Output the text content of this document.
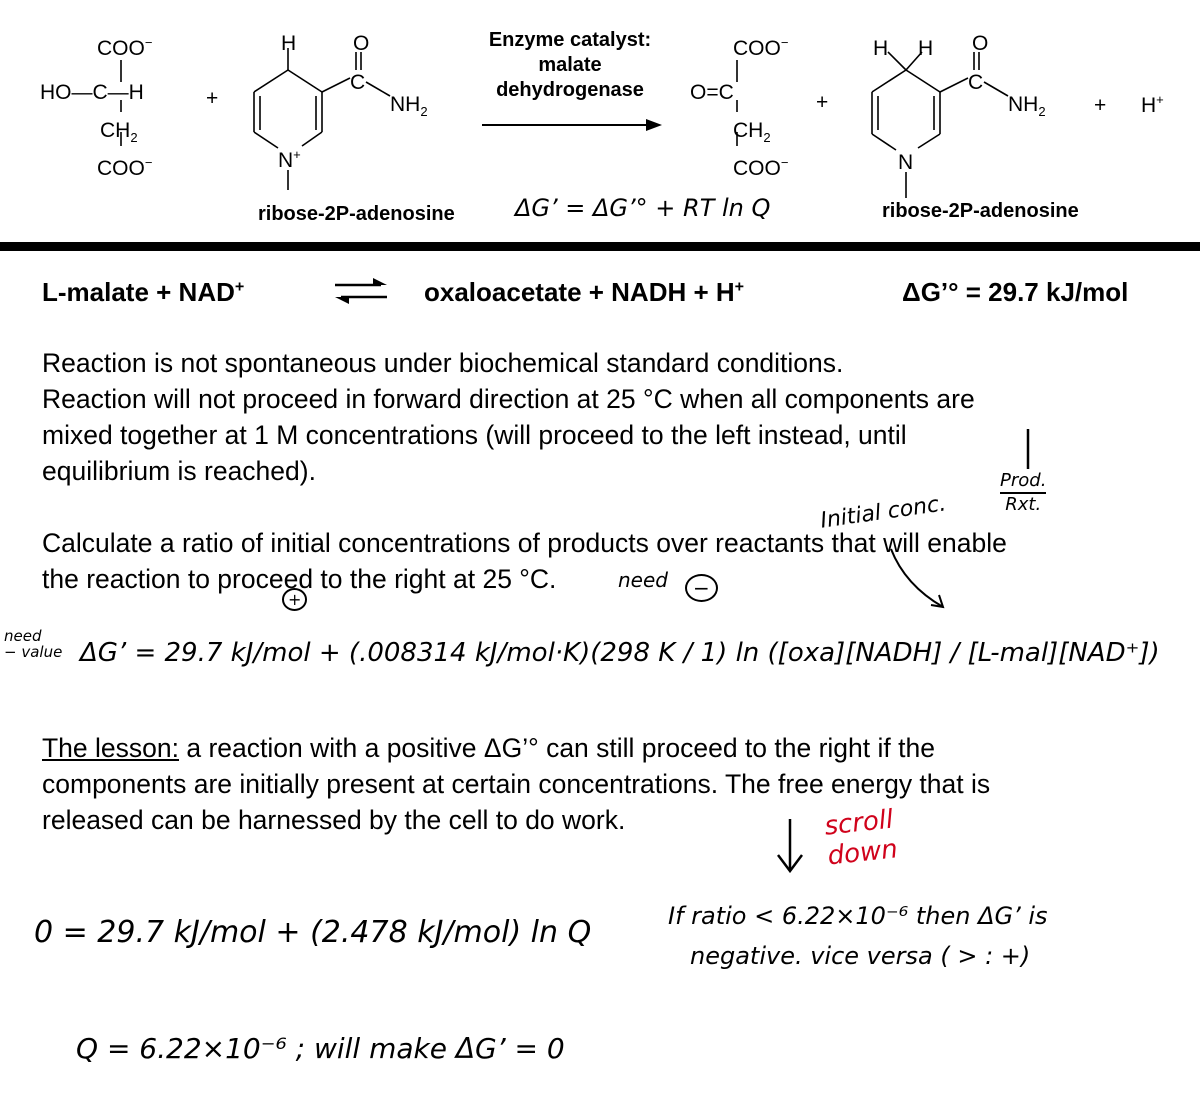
COO−
HO—C—H
$CH_2$
COO−
+
H	O
C
$NH_2$
N+
ribose-2P-adenosine
Enzyme catalyst:
malate
dehydrogenase
COO−
O=C
$CH_2$
COO−
+
H H O
C
$NH_2$
N
ribose-2P-adenosine
+ H+
L-malate + NAD+	oxaloacetate + NADH + H+	ΔG’° = 29.7 kJ/mol

Reaction is not spontaneous under biochemical standard conditions.

Reaction will not proceed in forward direction at 25 °C when all components are

mixed together at 1 M concentrations (will proceed to the left instead, until

equilibrium is reached).

Calculate a ratio of initial concentrations of products over reactants that will enable

the reaction to proceed to the right at 25 °C.

The lesson: a reaction with a positive ΔG’° can still proceed to the right if the

components are initially present at certain concentrations. The free energy that is

released can be harnessed by the cell to do work.

ΔG’ = ΔG’° + RT ln Q
Prod.
Rxt.
Initial conc.
need	−
+
need
− value ΔG’ = 29.7 kJ/mol + (.008314 kJ/mol·K)(298 K / 1) ln ([oxa][NADH] / [L-mal][NAD⁺])
scroll
down
0 = 29.7 kJ/mol + (2.478 kJ/mol) ln Q	If ratio < 6.22×10⁻⁶ then ΔG’ is
negative. vice versa ( > : +)
Q = 6.22×10⁻⁶ ; will make ΔG’ = 0
